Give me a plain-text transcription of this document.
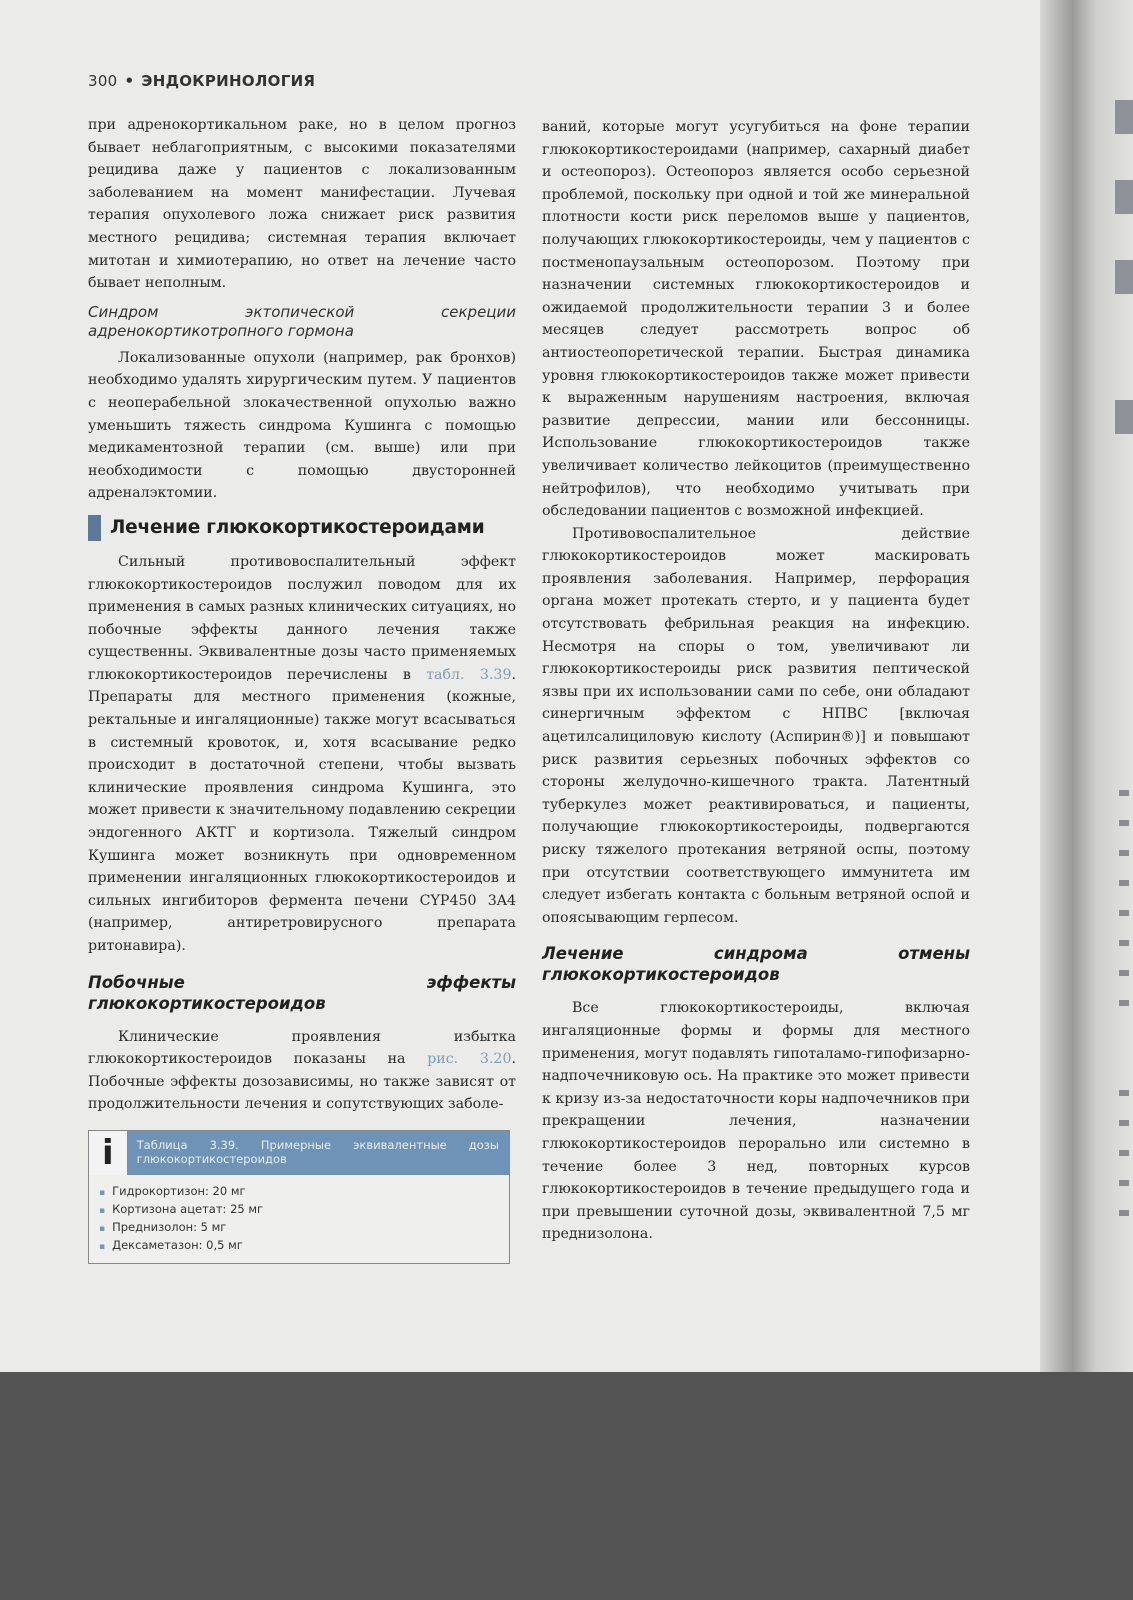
300 • ЭНДОКРИНОЛОГИЯ

при адренокортикальном раке, но в целом прогноз бывает неблагоприятным, с высокими показателями рецидива даже у пациентов с локализованным заболеванием на момент манифестации. Лучевая терапия опухолевого ложа снижает риск развития местного рецидива; системная терапия включает митотан и химиотерапию, но ответ на лечение часто бывает неполным.

Синдром эктопической секреции адренокортикотропного гормона

Локализованные опухоли (например, рак бронхов) необходимо удалять хирургическим путем. У пациентов с неоперабельной злокачественной опухолью важно уменьшить тяжесть синдрома Кушинга с помощью медикаментозной терапии (см. выше) или при необходимости с помощью двусторонней адреналэктомии.

Лечение глюкокортикостероидами

Сильный противовоспалительный эффект глюкокортикостероидов послужил поводом для их применения в самых разных клинических ситуациях, но побочные эффекты данного лечения также существенны. Эквивалентные дозы часто применяемых глюкокортикостероидов перечислены в табл. 3.39. Препараты для местного применения (кожные, ректальные и ингаляционные) также могут всасываться в системный кровоток, и, хотя всасывание редко происходит в достаточной степени, чтобы вызвать клинические проявления синдрома Кушинга, это может привести к значительному подавлению секреции эндогенного АКТГ и кортизола. Тяжелый синдром Кушинга может возникнуть при одновременном применении ингаляционных глюкокортикостероидов и сильных ингибиторов фермента печени CYP450 3A4 (например, антиретровирусного препарата ритонавира).

Побочные эффекты глюкокортикостероидов

Клинические проявления избытка глюкокортикостероидов показаны на рис. 3.20. Побочные эффекты дозозависимы, но также зависят от продолжительности лечения и сопутствующих заболе-

i	Таблица 3.39. Примерные эквивалентные дозы глюкокортикостероидов
▪ Гидрокортизон: 20 мг
▪ Кортизона ацетат: 25 мг
▪ Преднизолон: 5 мг
▪ Дексаметазон: 0,5 мг

ваний, которые могут усугубиться на фоне терапии глюкокортикостероидами (например, сахарный диабет и остеопороз). Остеопороз является особо серьезной проблемой, поскольку при одной и той же минеральной плотности кости риск переломов выше у пациентов, получающих глюкокортикостероиды, чем у пациентов с постменопаузальным остеопорозом. Поэтому при назначении системных глюкокортикостероидов и ожидаемой продолжительности терапии 3 и более месяцев следует рассмотреть вопрос об антиостеопоретической терапии. Быстрая динамика уровня глюкокортикостероидов также может привести к выраженным нарушениям настроения, включая развитие депрессии, мании или бессонницы. Использование глюкокортикостероидов также увеличивает количество лейкоцитов (преимущественно нейтрофилов), что необходимо учитывать при обследовании пациентов с возможной инфекцией.

Противовоспалительное действие глюкокортикостероидов может маскировать проявления заболевания. Например, перфорация органа может протекать стерто, и у пациента будет отсутствовать фебрильная реакция на инфекцию. Несмотря на споры о том, увеличивают ли глюкокортикостероиды риск развития пептической язвы при их использовании сами по себе, они обладают синергичным эффектом с НПВС [включая ацетилсалициловую кислоту (Аспирин®)] и повышают риск развития серьезных побочных эффектов со стороны желудочно-кишечного тракта. Латентный туберкулез может реактивироваться, и пациенты, получающие глюкокортикостероиды, подвергаются риску тяжелого протекания ветряной оспы, поэтому при отсутствии соответствующего иммунитета им следует избегать контакта с больным ветряной оспой и опоясывающим герпесом.

Лечение синдрома отмены глюкокортикостероидов

Все глюкокортикостероиды, включая ингаляционные формы и формы для местного применения, могут подавлять гипоталамо-гипофизарно-надпочечниковую ось. На практике это может привести к кризу из-за недостаточности коры надпочечников при прекращении лечения, назначении глюкокортикостероидов перорально или системно в течение более 3 нед, повторных курсов глюкокортикостероидов в течение предыдущего года и при превышении суточной дозы, эквивалентной 7,5 мг преднизолона.
